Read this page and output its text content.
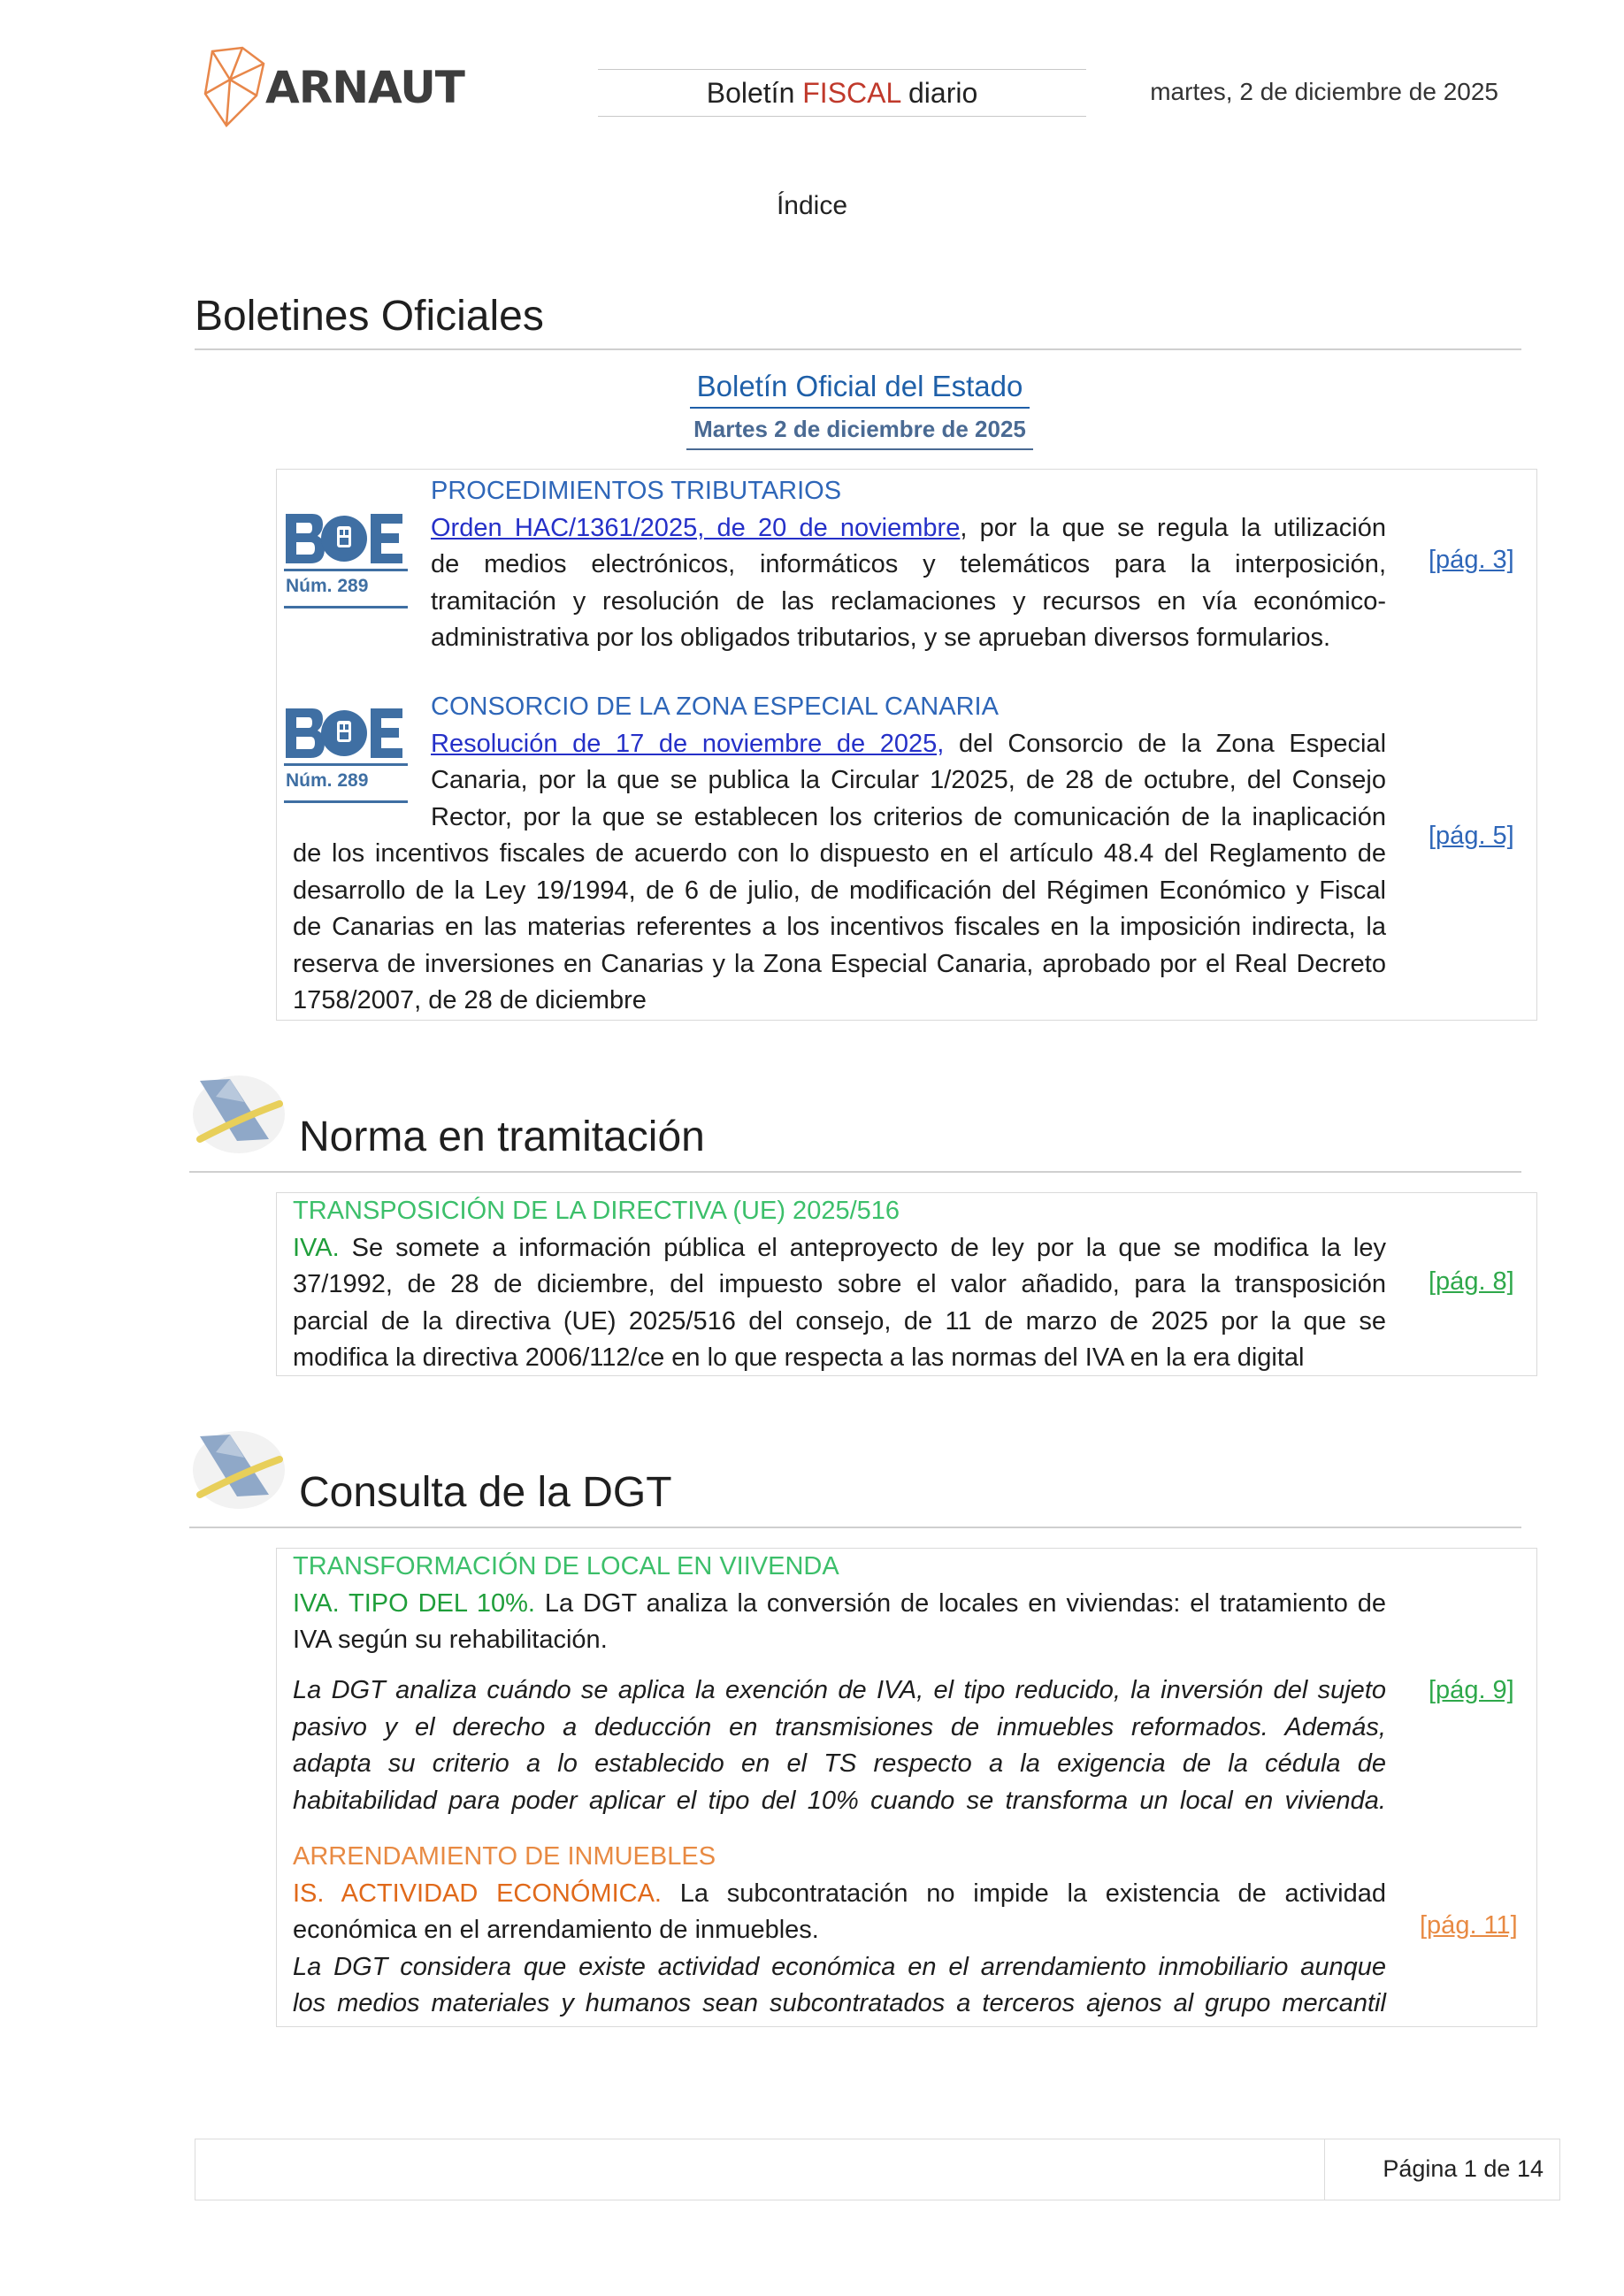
ARNAUT	Boletín FISCAL diario	martes, 2 de diciembre de 2025
Índice
Boletines Oficiales
Boletín Oficial del Estado
Martes 2 de diciembre de 2025
Núm. 289
PROCEDIMIENTOS TRIBUTARIOS
Orden HAC/1361/2025, de 20 de noviembre, por la que se regula la utilización
de medios electrónicos, informáticos y telemáticos para la interposición,
tramitación y resolución de las reclamaciones y recursos en vía económico-
administrativa por los obligados tributarios, y se aprueban diversos formularios.
[pág. 3]
Núm. 289
CONSORCIO DE LA ZONA ESPECIAL CANARIA
Resolución de 17 de noviembre de 2025, del Consorcio de la Zona Especial
Canaria, por la que se publica la Circular 1/2025, de 28 de octubre, del Consejo
Rector, por la que se establecen los criterios de comunicación de la inaplicación
de los incentivos fiscales de acuerdo con lo dispuesto en el artículo 48.4 del Reglamento de
desarrollo de la Ley 19/1994, de 6 de julio, de modificación del Régimen Económico y Fiscal
de Canarias en las materias referentes a los incentivos fiscales en la imposición indirecta, la
reserva de inversiones en Canarias y la Zona Especial Canaria, aprobado por el Real Decreto
1758/2007, de 28 de diciembre
[pág. 5]
Norma en tramitación
TRANSPOSICIÓN DE LA DIRECTIVA (UE) 2025/516
IVA. Se somete a información pública el anteproyecto de ley por la que se modifica la ley
37/1992, de 28 de diciembre, del impuesto sobre el valor añadido, para la transposición
parcial de la directiva (UE) 2025/516 del consejo, de 11 de marzo de 2025 por la que se
modifica la directiva 2006/112/ce en lo que respecta a las normas del IVA en la era digital
[pág. 8]
Consulta de la DGT
TRANSFORMACIÓN DE LOCAL EN VIIVENDA
IVA. TIPO DEL 10%. La DGT analiza la conversión de locales en viviendas: el tratamiento de
IVA según su rehabilitación.
La DGT analiza cuándo se aplica la exención de IVA, el tipo reducido, la inversión del sujeto
pasivo y el derecho a deducción en transmisiones de inmuebles reformados. Además,
adapta su criterio a lo establecido en el TS respecto a la exigencia de la cédula de
habitabilidad para poder aplicar el tipo del 10% cuando se transforma un local en vivienda.
[pág. 9]
ARRENDAMIENTO DE INMUEBLES
IS. ACTIVIDAD ECONÓMICA. La subcontratación no impide la existencia de actividad
económica en el arrendamiento de inmuebles.
La DGT considera que existe actividad económica en el arrendamiento inmobiliario aunque
los medios materiales y humanos sean subcontratados a terceros ajenos al grupo mercantil
[pág. 11]
Página 1 de 14
